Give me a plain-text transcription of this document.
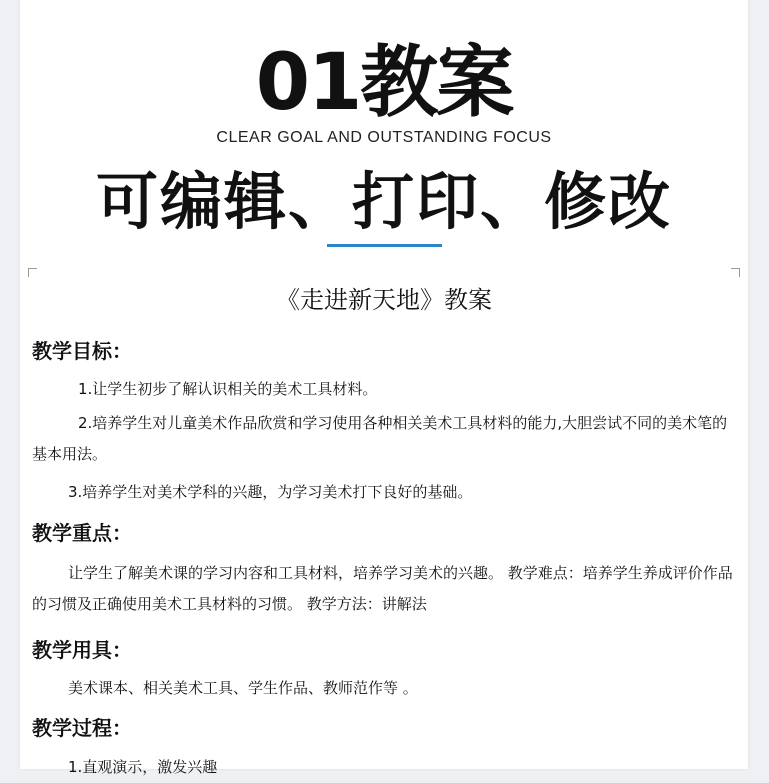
01教案
CLEAR GOAL AND OUTSTANDING FOCUS
可编辑、打印、修改
《走进新天地》教案
教学目标：
1.让学生初步了解认识相关的美术工具材料。
2.培养学生对儿童美术作品欣赏和学习使用各种相关美术工具材料的能力,大胆尝试不同的美术笔的基本用法。
3.培养学生对美术学科的兴趣，为学习美术打下良好的基础。
教学重点：
让学生了解美术课的学习内容和工具材料，培养学习美术的兴趣。 教学难点：培养学生养成评价作品的习惯及正确使用美术工具材料的习惯。 教学方法：讲解法
教学用具：
美术课本、相关美术工具、学生作品、教师范作等 。
教学过程：
1.直观演示，激发兴趣
